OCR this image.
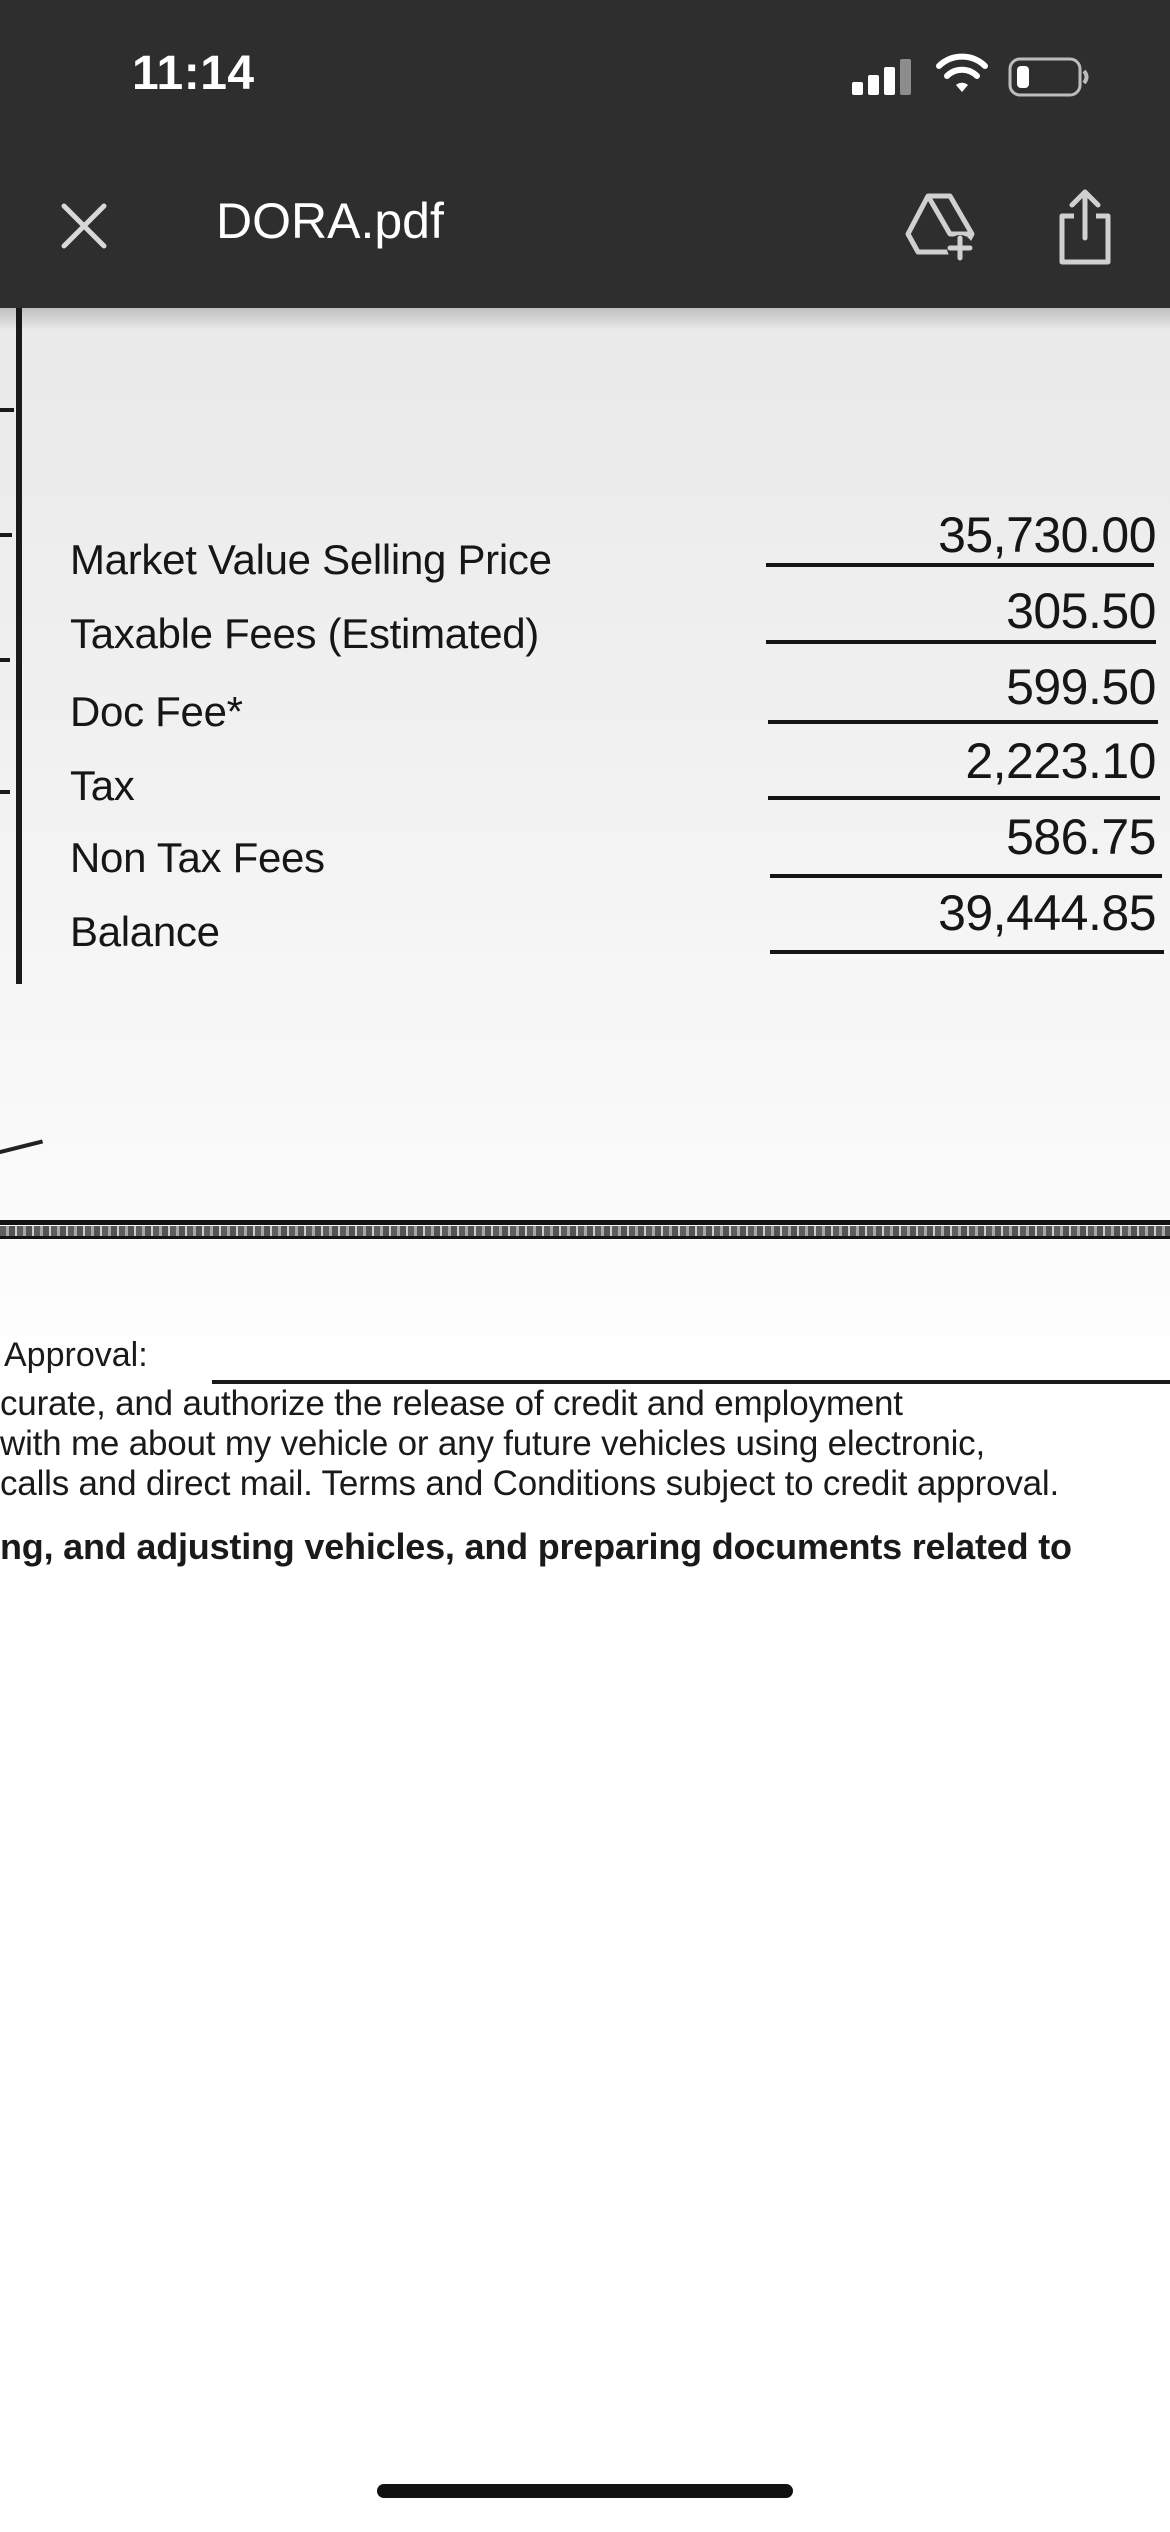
11:14
DORA.pdf
Market Value Selling Price	35,730.00
Taxable Fees (Estimated)	305.50
Doc Fee*	599.50
Tax	2,223.10
Non Tax Fees	586.75
Balance	39,444.85
Approval:
curate, and authorize the release of credit and employment
with me about my vehicle or any future vehicles using electronic,
calls and direct mail. Terms and Conditions subject to credit approval.
ng, and adjusting vehicles, and preparing documents related to
